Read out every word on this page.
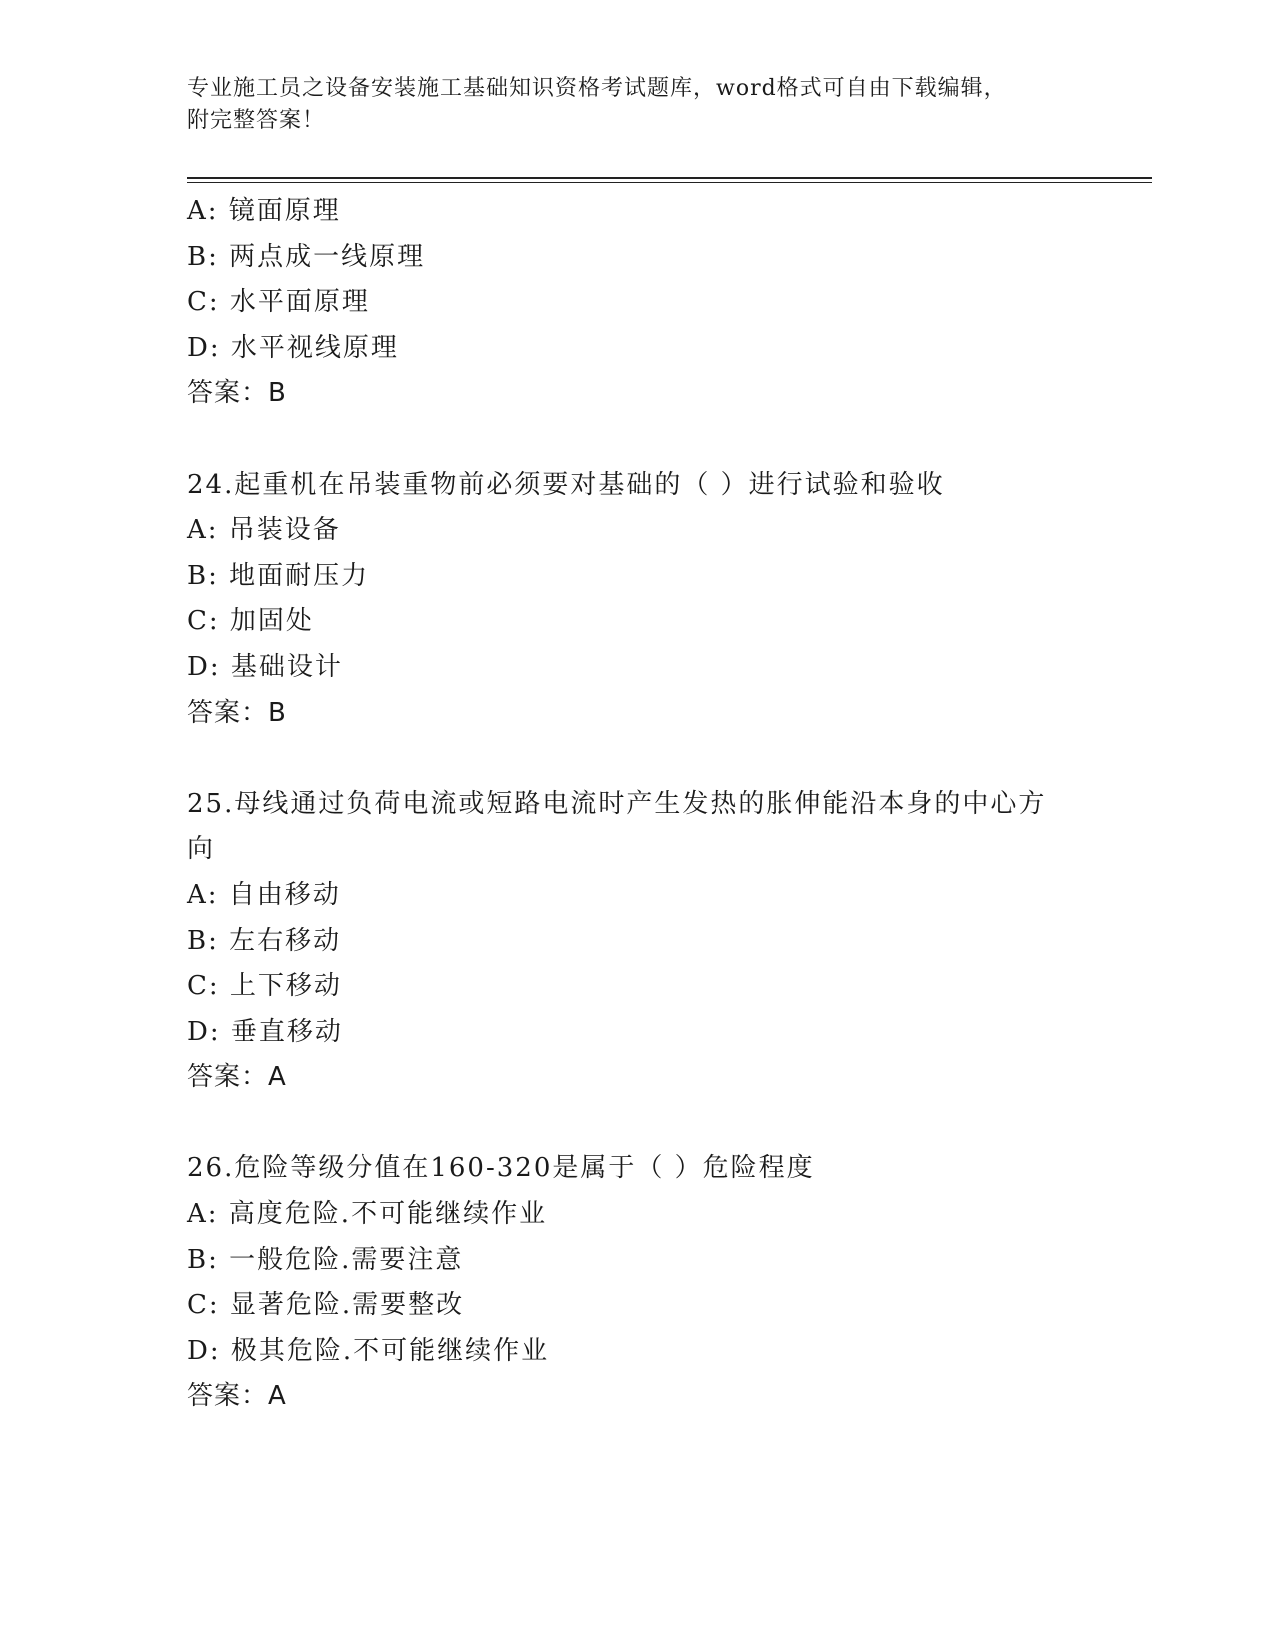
专业施工员之设备安装施工基础知识资格考试题库，word格式可自由下载编辑，
附完整答案！
A: 镜面原理
B: 两点成一线原理
C: 水平面原理
D: 水平视线原理
答案：B
24.起重机在吊装重物前必须要对基础的（ ）进行试验和验收
A: 吊装设备
B: 地面耐压力
C: 加固处
D: 基础设计
答案：B
25.母线通过负荷电流或短路电流时产生发热的胀伸能沿本身的中心方向
A: 自由移动
B: 左右移动
C: 上下移动
D: 垂直移动
答案：A
26.危险等级分值在160-320是属于（ ）危险程度
A: 高度危险.不可能继续作业
B: 一般危险.需要注意
C: 显著危险.需要整改
D: 极其危险.不可能继续作业
答案：A
